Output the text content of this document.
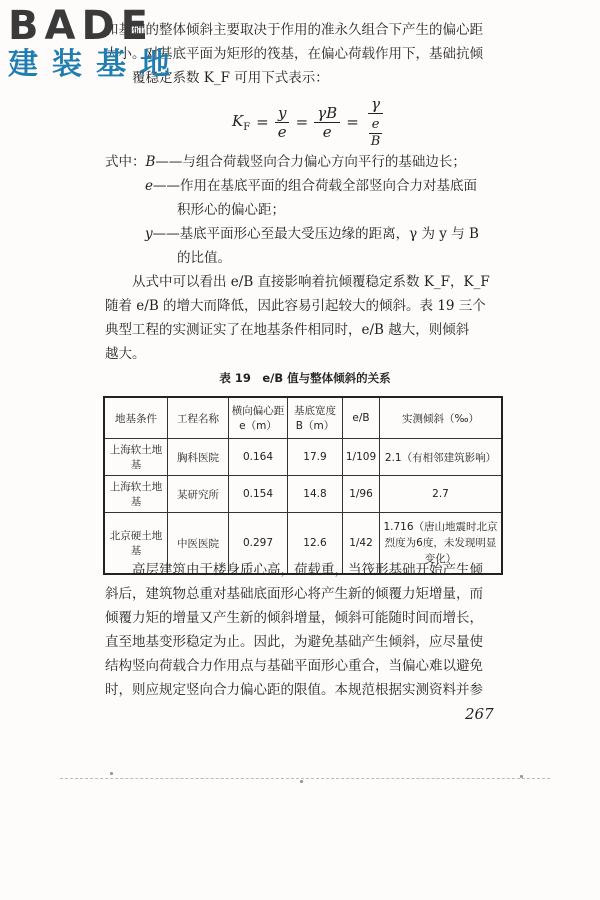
BADE
建装基地

和基础的整体倾斜主要取决于作用的准永久组合下产生的偏心距

大小。对基底平面为矩形的筏基，在偏心荷载作用下，基础抗倾

覆稳定系数 K_F 可用下式表示：

$K_F = \frac{y}{e} = \frac{\gamma B}{e} = \frac{\gamma}{\frac{e}{B}}$
式中： B ——与组合荷载竖向合力偏心方向平行的基础边长；
e ——作用在基底平面的组合荷载全部竖向合力对基底面
积形心的偏心距；
y ——基底平面形心至最大受压边缘的距离，γ 为 y 与 B
的比值。

从式中可以看出 e/B 直接影响着抗倾覆稳定系数 K_F，K_F

随着 e/B 的增大而降低，因此容易引起较大的倾斜。表 19 三个

典型工程的实测证实了在地基条件相同时，e/B 越大，则倾斜

越大。

表 19　e/B 值与整体倾斜的关系
地基条件	工程名称	横向偏心距 e（m）	基底宽度 B（m）	e/B	实测倾斜（‰）
上海软土地基	胸科医院	0.164	17.9	1/109	2.1（有相邻建筑影响）
上海软土地基	某研究所	0.154	14.8	1/96	2.7
北京硬土地基	中医医院	0.297	12.6	1/42	1.716（唐山地震时北京烈度为6度，未发现明显变化）

高层建筑由于楼身质心高，荷载重，当筏形基础开始产生倾

斜后，建筑物总重对基础底面形心将产生新的倾覆力矩增量，而

倾覆力矩的增量又产生新的倾斜增量，倾斜可能随时间而增长，

直至地基变形稳定为止。因此，为避免基础产生倾斜，应尽量使

结构竖向荷载合力作用点与基础平面形心重合，当偏心难以避免

时，则应规定竖向合力偏心距的限值。本规范根据实测资料并参

267
